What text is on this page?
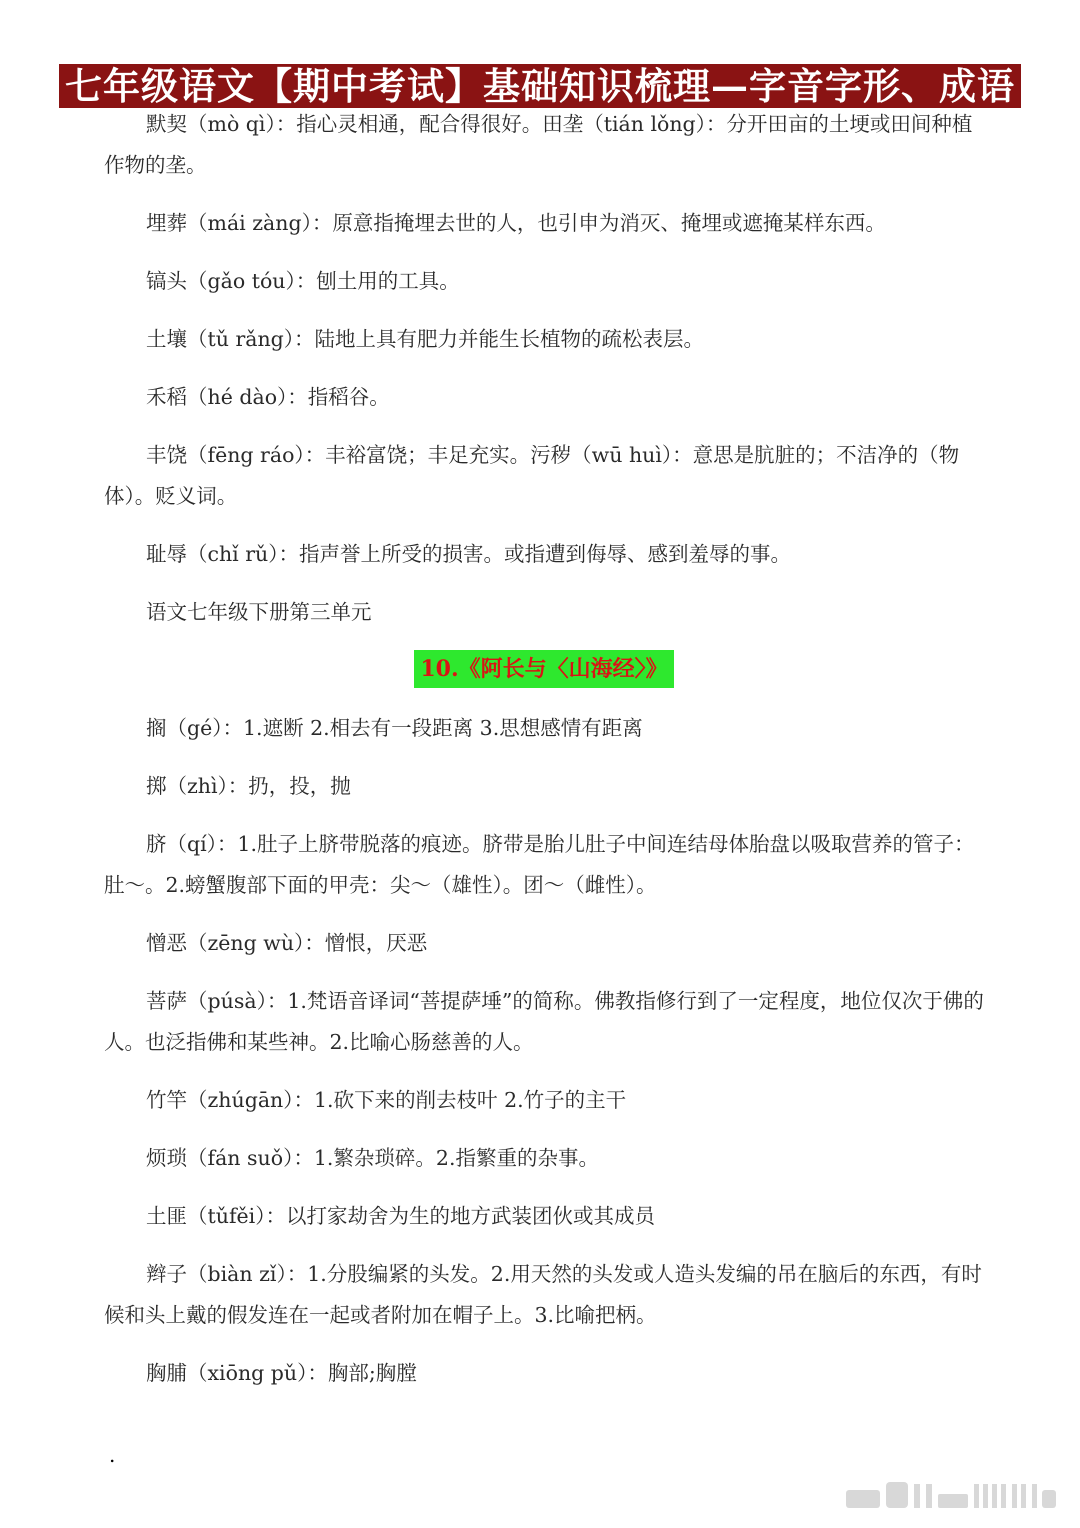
七年级语文【期中考试】基础知识梳理—字音字形、成语

默契（mò qì）：指心灵相通，配合得很好。田垄（tián lǒng）：分开田亩的土埂或田间种植作物的垄。

埋葬（mái zàng）：原意指掩埋去世的人，也引申为消灭、掩埋或遮掩某样东西。

镐头（gǎo tóu）：刨土用的工具。

土壤（tǔ rǎng）：陆地上具有肥力并能生长植物的疏松表层。

禾稻（hé dào）：指稻谷。

丰饶（fēng ráo）：丰裕富饶；丰足充实。污秽（wū huì）：意思是肮脏的；不洁净的（物体）。贬义词。

耻辱（chǐ rǔ）：指声誉上所受的损害。或指遭到侮辱、感到羞辱的事。

语文七年级下册第三单元

10.《阿长与〈山海经〉》

搁（gé）：1.遮断 2.相去有一段距离 3.思想感情有距离

掷（zhì）：扔，投，抛

脐（qí）：1.肚子上脐带脱落的痕迹。脐带是胎儿肚子中间连结母体胎盘以吸取营养的管子：肚～。2.螃蟹腹部下面的甲壳：尖～（雄性）。团～（雌性）。

憎恶（zēng wù）：憎恨，厌恶

菩萨（púsà）：1.梵语音译词“菩提萨埵”的简称。佛教指修行到了一定程度，地位仅次于佛的人。也泛指佛和某些神。2.比喻心肠慈善的人。

竹竿（zhúgān）：1.砍下来的削去枝叶 2.竹子的主干

烦琐（fán suǒ）：1.繁杂琐碎。2.指繁重的杂事。

土匪（tǔfěi）：以打家劫舍为生的地方武装团伙或其成员

辫子（biàn zǐ）：1.分股编紧的头发。2.用天然的头发或人造头发编的吊在脑后的东西，有时候和头上戴的假发连在一起或者附加在帽子上。3.比喻把柄。

胸脯（xiōng pǔ）：胸部;胸膛

.
